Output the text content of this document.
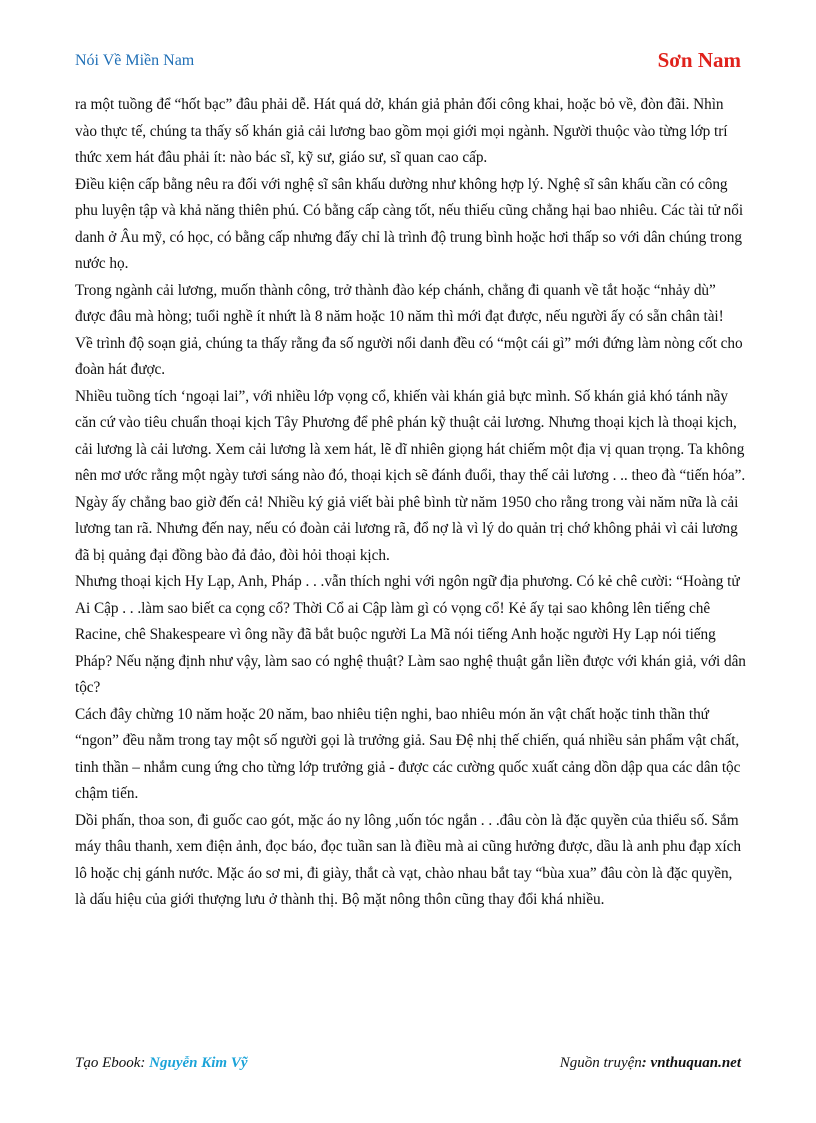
Nói Về Miền Nam	Sơn Nam

ra một tuồng để “hốt bạc” đâu phải dễ. Hát quá dở, khán giả phản đối công khai, hoặc bỏ về, đòn đãi. Nhìn vào thực tế, chúng ta thấy số khán giả cải lương bao gồm mọi giới mọi ngành. Người thuộc vào từng lớp trí thức xem hát đâu phải ít: nào bác sĩ, kỹ sư, giáo sư, sĩ quan cao cấp.

Điều kiện cấp bằng nêu ra đối với nghệ sĩ sân khấu dường như không hợp lý. Nghệ sĩ sân khấu cần có công phu luyện tập và khả năng thiên phú. Có bằng cấp càng tốt, nếu thiếu cũng chẳng hại bao nhiêu. Các tài tử nổi danh ở Âu mỹ, có học, có bằng cấp nhưng đấy chỉ là trình độ trung bình hoặc hơi thấp so với dân chúng trong nước họ.

Trong ngành cải lương, muốn thành công, trở thành đào kép chánh, chẳng đi quanh về tắt hoặc “nhảy dù” được đâu mà hòng; tuổi nghề ít nhứt là 8 năm hoặc 10 năm thì mới đạt được, nếu người ấy có sẵn chân tài!

Về trình độ soạn giả, chúng ta thấy rằng đa số người nổi danh đều có “một cái gì” mới đứng làm nòng cốt cho đoàn hát được.

Nhiều tuồng tích ‘ngoại lai”, với nhiều lớp vọng cổ, khiến vài khán giả bực mình. Số khán giả khó tánh nầy căn cứ vào tiêu chuẩn thoại kịch Tây Phương để phê phán kỹ thuật cải lương. Nhưng thoại kịch là thoại kịch, cải lương là cải lương. Xem cải lương là xem hát, lẽ dĩ nhiên giọng hát chiếm một địa vị quan trọng. Ta không nên mơ ước rằng một ngày tươi sáng nào đó, thoại kịch sẽ đánh đuổi, thay thế cải lương . .. theo đà “tiến hóa”. Ngày ấy chẳng bao giờ đến cả! Nhiều ký giả viết bài phê bình từ năm 1950 cho rằng trong vài năm nữa là cải lương tan rã. Nhưng đến nay, nếu có đoàn cải lương rã, đổ nợ là vì lý do quản trị chớ không phải vì cải lương đã bị quảng đại đồng bào đả đảo, đòi hỏi thoại kịch.

Nhưng thoại kịch Hy Lạp, Anh, Pháp . . .vẫn thích nghi với ngôn ngữ địa phương. Có kẻ chê cười: “Hoàng tử Ai Cập . . .làm sao biết ca cọng cổ? Thời Cổ ai Cập làm gì có vọng cổ! Kẻ ấy tại sao không lên tiếng chê Racine, chê Shakespeare vì ông nầy đã bắt buộc người La Mã nói tiếng Anh hoặc người Hy Lạp nói tiếng Pháp? Nếu nặng định như vậy, làm sao có nghệ thuật? Làm sao nghệ thuật gắn liền được với khán giả, với dân tộc?

Cách đây chừng 10 năm hoặc 20 năm, bao nhiêu tiện nghi, bao nhiêu món ăn vật chất hoặc tinh thần thứ “ngon” đều nằm trong tay một số người gọi là trưởng giả. Sau Đệ nhị thế chiến, quá nhiều sản phẩm vật chất, tinh thần – nhắm cung ứng cho từng lớp trưởng giả - được các cường quốc xuất cảng dồn dập qua các dân tộc chậm tiến.

Dồi phấn, thoa son, đi guốc cao gót, mặc áo ny lông ,uốn tóc ngắn . . .đâu còn là đặc quyền của thiểu số. Sắm máy thâu thanh, xem điện ảnh, đọc báo, đọc tuần san là điều mà ai cũng hưởng được, dầu là anh phu đạp xích lô hoặc chị gánh nước. Mặc áo sơ mi, đi giày, thắt cà vạt, chào nhau bắt tay “bùa xua” đâu còn là đặc quyền, là dấu hiệu của giới thượng lưu ở thành thị. Bộ mặt nông thôn cũng thay đổi khá nhiều.

Tạo Ebook: Nguyễn Kim Vỹ	Nguồn truyện: vnthuquan.net
